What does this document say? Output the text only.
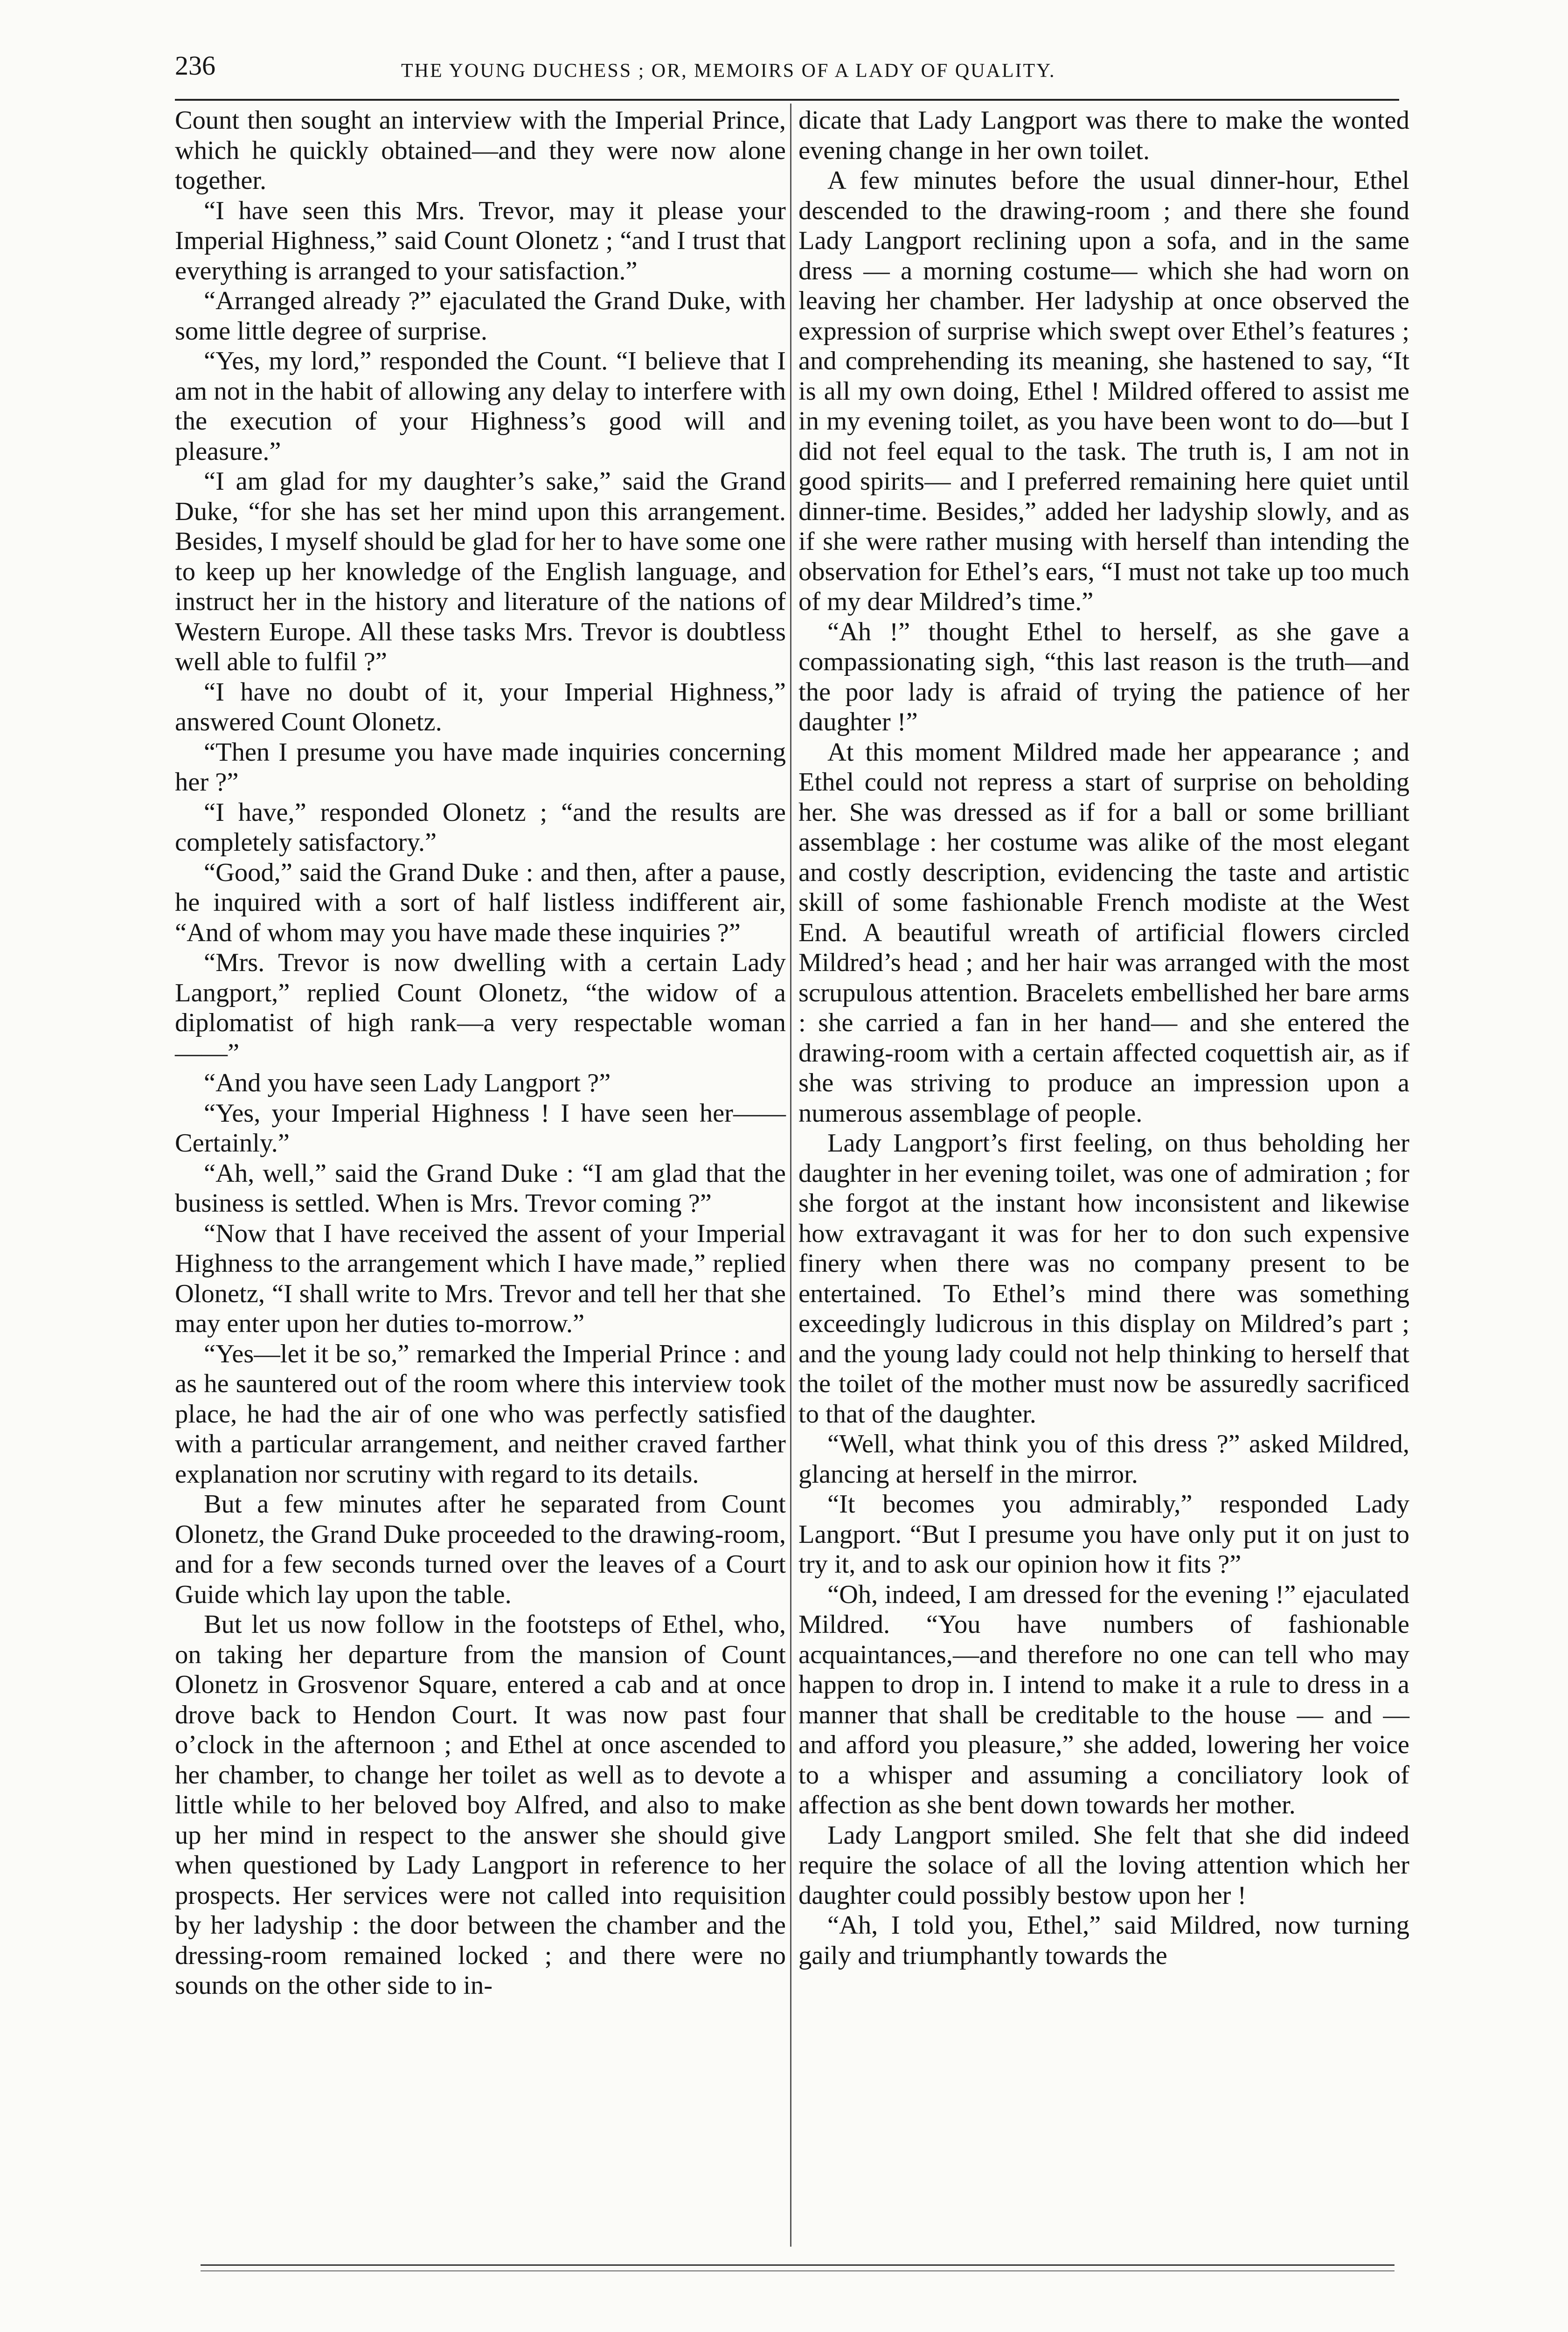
236	THE YOUNG DUCHESS ; OR, MEMOIRS OF A LADY OF QUALITY.

Count then sought an interview with the Imperial Prince, which he quickly obtained—and they were now alone together.

“I have seen this Mrs. Trevor, may it please your Imperial Highness,” said Count Olonetz ; “and I trust that everything is arranged to your satisfaction.”

“Arranged already ?” ejaculated the Grand Duke, with some little degree of surprise.

“Yes, my lord,” responded the Count. “I believe that I am not in the habit of allowing any delay to interfere with the execution of your Highness’s good will and pleasure.”

“I am glad for my daughter’s sake,” said the Grand Duke, “for she has set her mind upon this arrangement. Besides, I myself should be glad for her to have some one to keep up her knowledge of the English language, and instruct her in the history and literature of the nations of Western Europe. All these tasks Mrs. Trevor is doubtless well able to fulfil ?”

“I have no doubt of it, your Imperial Highness,” answered Count Olonetz.

“Then I presume you have made inquiries concerning her ?”

“I have,” responded Olonetz ; “and the results are completely satisfactory.”

“Good,” said the Grand Duke : and then, after a pause, he inquired with a sort of half listless indifferent air, “And of whom may you have made these inquiries ?”

“Mrs. Trevor is now dwelling with a certain Lady Langport,” replied Count Olonetz, “the widow of a diplomatist of high rank—a very respectable woman——”

“And you have seen Lady Langport ?”

“Yes, your Imperial Highness ! I have seen her——Certainly.”

“Ah, well,” said the Grand Duke : “I am glad that the business is settled. When is Mrs. Trevor coming ?”

“Now that I have received the assent of your Imperial Highness to the arrangement which I have made,” replied Olonetz, “I shall write to Mrs. Trevor and tell her that she may enter upon her duties to-morrow.”

“Yes—let it be so,” remarked the Imperial Prince : and as he sauntered out of the room where this interview took place, he had the air of one who was perfectly satisfied with a particular arrangement, and neither craved farther explanation nor scrutiny with regard to its details.

But a few minutes after he separated from Count Olonetz, the Grand Duke proceeded to the drawing-room, and for a few seconds turned over the leaves of a Court Guide which lay upon the table.

But let us now follow in the footsteps of Ethel, who, on taking her departure from the mansion of Count Olonetz in Grosvenor Square, entered a cab and at once drove back to Hendon Court. It was now past four o’clock in the afternoon ; and Ethel at once ascended to her chamber, to change her toilet as well as to devote a little while to her beloved boy Alfred, and also to make up her mind in respect to the answer she should give when questioned by Lady Langport in reference to her prospects. Her services were not called into requisition by her ladyship : the door between the chamber and the dressing-room remained locked ; and there were no sounds on the other side to in-

dicate that Lady Langport was there to make the wonted evening change in her own toilet.

A few minutes before the usual dinner-hour, Ethel descended to the drawing-room ; and there she found Lady Langport reclining upon a sofa, and in the same dress — a morning costume— which she had worn on leaving her chamber. Her ladyship at once observed the expression of surprise which swept over Ethel’s features ; and comprehending its meaning, she hastened to say, “It is all my own doing, Ethel ! Mildred offered to assist me in my evening toilet, as you have been wont to do—but I did not feel equal to the task. The truth is, I am not in good spirits— and I preferred remaining here quiet until dinner-time. Besides,” added her ladyship slowly, and as if she were rather musing with herself than intending the observation for Ethel’s ears, “I must not take up too much of my dear Mildred’s time.”

“Ah !” thought Ethel to herself, as she gave a compassionating sigh, “this last reason is the truth—and the poor lady is afraid of trying the patience of her daughter !”

At this moment Mildred made her appearance ; and Ethel could not repress a start of surprise on beholding her. She was dressed as if for a ball or some brilliant assemblage : her costume was alike of the most elegant and costly description, evidencing the taste and artistic skill of some fashionable French modiste at the West End. A beautiful wreath of artificial flowers circled Mildred’s head ; and her hair was arranged with the most scrupulous attention. Bracelets embellished her bare arms : she carried a fan in her hand— and she entered the drawing-room with a certain affected coquettish air, as if she was striving to produce an impression upon a numerous assemblage of people.

Lady Langport’s first feeling, on thus beholding her daughter in her evening toilet, was one of admiration ; for she forgot at the instant how inconsistent and likewise how extravagant it was for her to don such expensive finery when there was no company present to be entertained. To Ethel’s mind there was something exceedingly ludicrous in this display on Mildred’s part ; and the young lady could not help thinking to herself that the toilet of the mother must now be assuredly sacrificed to that of the daughter.

“Well, what think you of this dress ?” asked Mildred, glancing at herself in the mirror.

“It becomes you admirably,” responded Lady Langport. “But I presume you have only put it on just to try it, and to ask our opinion how it fits ?”

“Oh, indeed, I am dressed for the evening !” ejaculated Mildred. “You have numbers of fashionable acquaintances,—and therefore no one can tell who may happen to drop in. I intend to make it a rule to dress in a manner that shall be creditable to the house — and — and afford you pleasure,” she added, lowering her voice to a whisper and assuming a conciliatory look of affection as she bent down towards her mother.

Lady Langport smiled. She felt that she did indeed require the solace of all the loving attention which her daughter could possibly bestow upon her !

“Ah, I told you, Ethel,” said Mildred, now turning gaily and triumphantly towards the
